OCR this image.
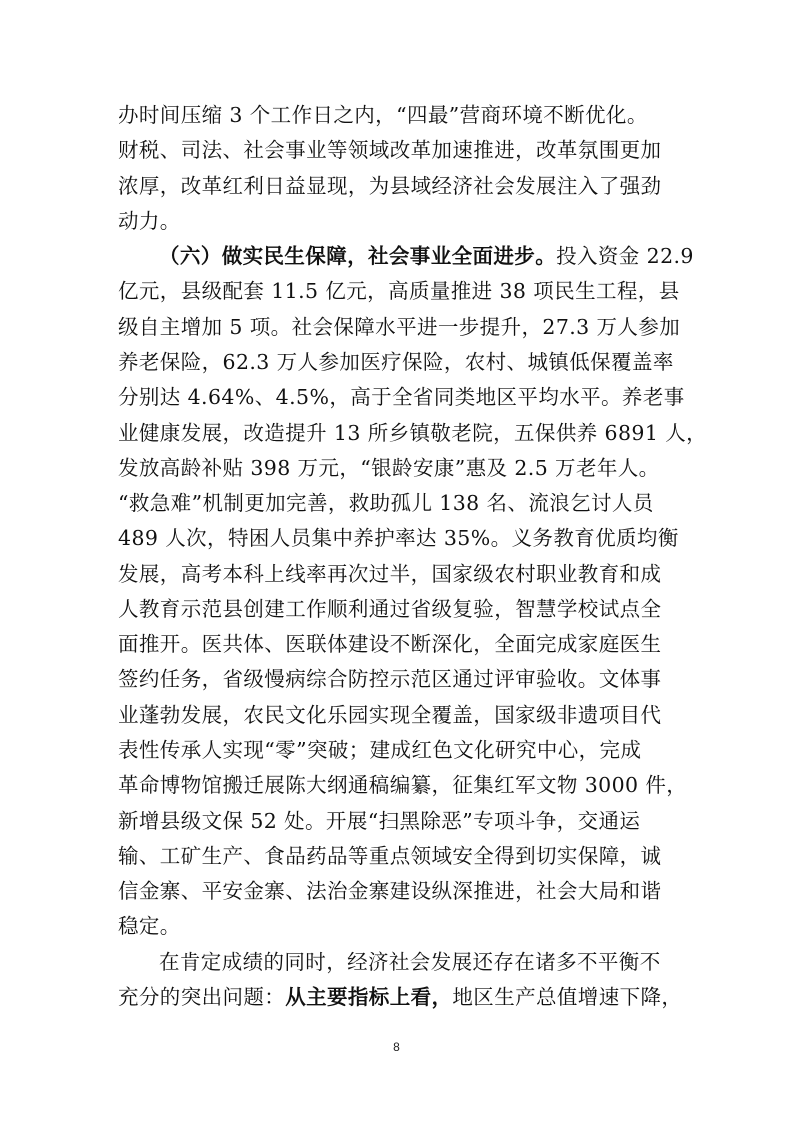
办时间压缩 3 个工作日之内，“四最”营商环境不断优化。
财税、司法、社会事业等领域改革加速推进，改革氛围更加
浓厚，改革红利日益显现，为县域经济社会发展注入了强劲
动力。
（六）做实民生保障，社会事业全面进步。投入资金 22.9
亿元，县级配套 11.5 亿元，高质量推进 38 项民生工程，县
级自主增加 5 项。社会保障水平进一步提升，27.3 万人参加
养老保险，62.3 万人参加医疗保险，农村、城镇低保覆盖率
分别达 4.64%、4.5%，高于全省同类地区平均水平。养老事
业健康发展，改造提升 13 所乡镇敬老院，五保供养 6891 人，
发放高龄补贴 398 万元，“银龄安康”惠及 2.5 万老年人。
“救急难”机制更加完善，救助孤儿 138 名、流浪乞讨人员
489 人次，特困人员集中养护率达 35%。义务教育优质均衡
发展，高考本科上线率再次过半，国家级农村职业教育和成
人教育示范县创建工作顺利通过省级复验，智慧学校试点全
面推开。医共体、医联体建设不断深化，全面完成家庭医生
签约任务，省级慢病综合防控示范区通过评审验收。文体事
业蓬勃发展，农民文化乐园实现全覆盖，国家级非遗项目代
表性传承人实现“零”突破；建成红色文化研究中心，完成
革命博物馆搬迁展陈大纲通稿编纂，征集红军文物 3000 件，
新增县级文保 52 处。开展“扫黑除恶”专项斗争，交通运
输、工矿生产、食品药品等重点领域安全得到切实保障，诚
信金寨、平安金寨、法治金寨建设纵深推进，社会大局和谐
稳定。
在肯定成绩的同时，经济社会发展还存在诸多不平衡不
充分的突出问题：从主要指标上看，地区生产总值增速下降，
8
